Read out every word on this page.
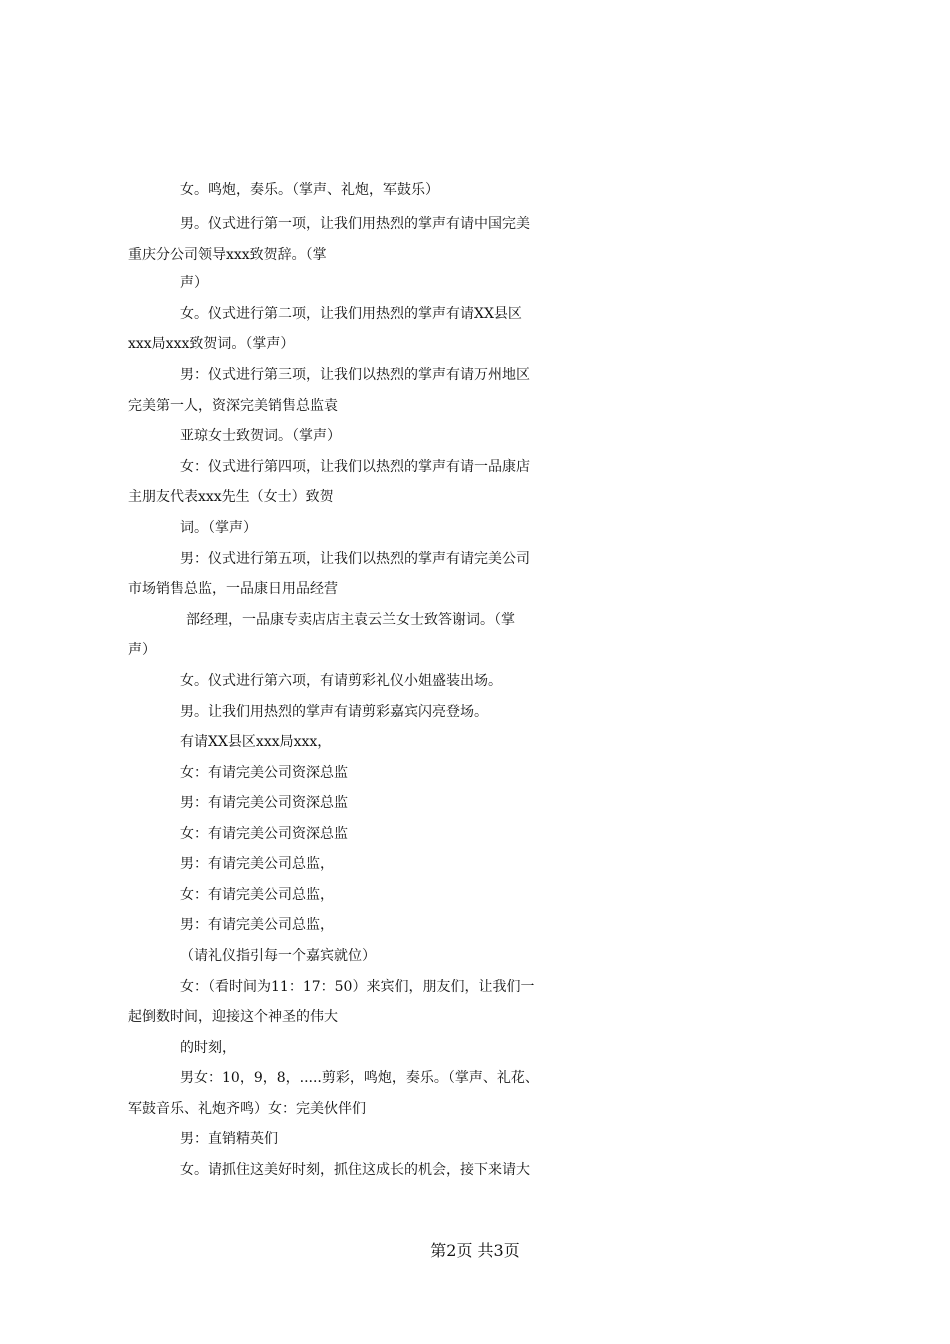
女。鸣炮，奏乐。（掌声、礼炮，军鼓乐）
男。仪式进行第一项，让我们用热烈的掌声有请中国完美
重庆分公司领导xxx致贺辞。（掌
声）
女。仪式进行第二项，让我们用热烈的掌声有请XX县区
xxx局xxx致贺词。（掌声）
男：仪式进行第三项，让我们以热烈的掌声有请万州地区
完美第一人，资深完美销售总监袁
亚琼女士致贺词。（掌声）
女：仪式进行第四项，让我们以热烈的掌声有请一品康店
主朋友代表xxx先生（女士）致贺
词。（掌声）
男：仪式进行第五项，让我们以热烈的掌声有请完美公司
市场销售总监，一品康日用品经营
部经理，一品康专卖店店主袁云兰女士致答谢词。（掌
声）
女。仪式进行第六项，有请剪彩礼仪小姐盛装出场。
男。让我们用热烈的掌声有请剪彩嘉宾闪亮登场。
有请XX县区xxx局xxx，
女：有请完美公司资深总监
男：有请完美公司资深总监
女：有请完美公司资深总监
男：有请完美公司总监，
女：有请完美公司总监，
男：有请完美公司总监，
（请礼仪指引每一个嘉宾就位）
女：（看时间为11：17：50）来宾们，朋友们，让我们一
起倒数时间，迎接这个神圣的伟大
的时刻，
男女：10，9，8，.....剪彩，鸣炮，奏乐。（掌声、礼花、
军鼓音乐、礼炮齐鸣）女：完美伙伴们
男：直销精英们
女。请抓住这美好时刻，抓住这成长的机会，接下来请大
第2页 共3页
